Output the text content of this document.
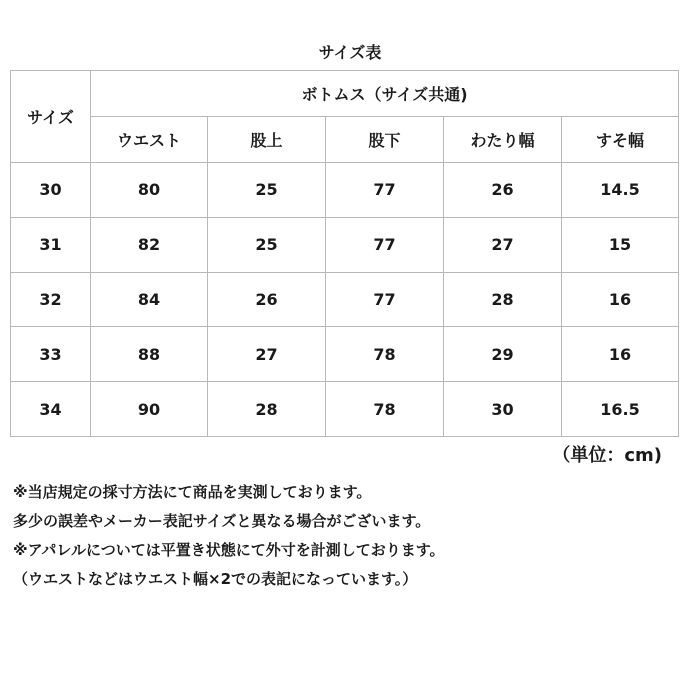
サイズ表
サイズ	ボトムス（サイズ共通)				
	ウエスト	股上	股下	わたり幅	すそ幅
30	80	25	77	26	14.5
31	82	25	77	27	15
32	84	26	77	28	16
33	88	27	78	29	16
34	90	28	78	30	16.5
（単位：cm)
※当店規定の採寸方法にて商品を実測しております。
多少の誤差やメーカー表記サイズと異なる場合がございます。
※アパレルについては平置き状態にて外寸を計測しております。
（ウエストなどはウエスト幅×2での表記になっています。）
